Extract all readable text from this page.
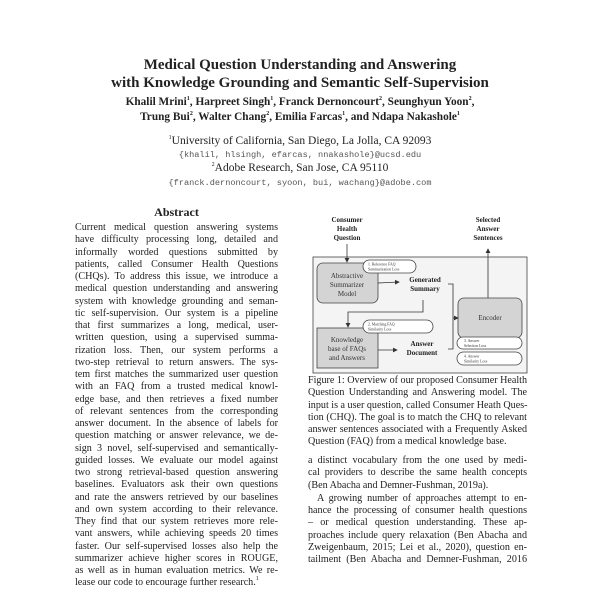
Medical Question Understanding and Answering
with Knowledge Grounding and Semantic Self-Supervision
Khalil Mrini$^1$, Harpreet Singh$^1$, Franck Dernoncourt$^2$, Seunghyun Yoon$^2$,
Trung Bui$^2$, Walter Chang$^2$, Emilia Farcas$^1$, and Ndapa Nakashole$^1$
$^1$University of California, San Diego, La Jolla, CA 92093
{khalil, hlsingh, efarcas, nnakashole}@ucsd.edu
$^2$Adobe Research, San Jose, CA 95110
{franck.dernoncourt, syoon, bui, wachang}@adobe.com
Abstract
Current medical question answering systems
have difficulty processing long, detailed and
informally worded questions submitted by
patients, called Consumer Health Questions
(CHQs). To address this issue, we introduce a
medical question understanding and answering
system with knowledge grounding and seman-
tic self-supervision. Our system is a pipeline
that first summarizes a long, medical, user-
written question, using a supervised summa-
rization loss. Then, our system performs a
two-step retrieval to return answers. The sys-
tem first matches the summarized user question
with an FAQ from a trusted medical knowl-
edge base, and then retrieves a fixed number
of relevant sentences from the corresponding
answer document. In the absence of labels for
question matching or answer relevance, we de-
sign 3 novel, self-supervised and semantically-
guided losses. We evaluate our model against
two strong retrieval-based question answering
baselines. Evaluators ask their own questions
and rate the answers retrieved by our baselines
and own system according to their relevance.
They find that our system retrieves more rele-
vant answers, while achieving speeds 20 times
faster. Our self-supervised losses also help the
summarizer achieve higher scores in ROUGE,
as well as in human evaluation metrics. We re-
lease our code to encourage further research.$^1$
Consumer
Health
Question
Selected
Answer
Sentences
Generated
Summary
Answer
Document
Abstractive
Summarizer
Model
Knowledge
base of FAQs
and Answers
Encoder
1. Reference FAQ
Summarization Loss
2. Matching FAQ
Similarity Loss
3. Answer
Selection Loss
4. Answer
Similarity Loss
Figure 1: Overview of our proposed Consumer Health
Question Understanding and Answering model. The
input is a user question, called Consumer Heath Ques-
tion (CHQ). The goal is to match the CHQ to relevant
answer sentences associated with a Frequently Asked
Question (FAQ) from a medical knowledge base.
a distinct vocabulary from the one used by medi-
cal providers to describe the same health concepts
(Ben Abacha and Demner-Fushman, 2019a).
A growing number of approaches attempt to en-
hance the processing of consumer health questions
– or medical question understanding. These ap-
proaches include query relaxation (Ben Abacha and
Zweigenbaum, 2015; Lei et al., 2020), question en-
tailment (Ben Abacha and Demner-Fushman, 2016
